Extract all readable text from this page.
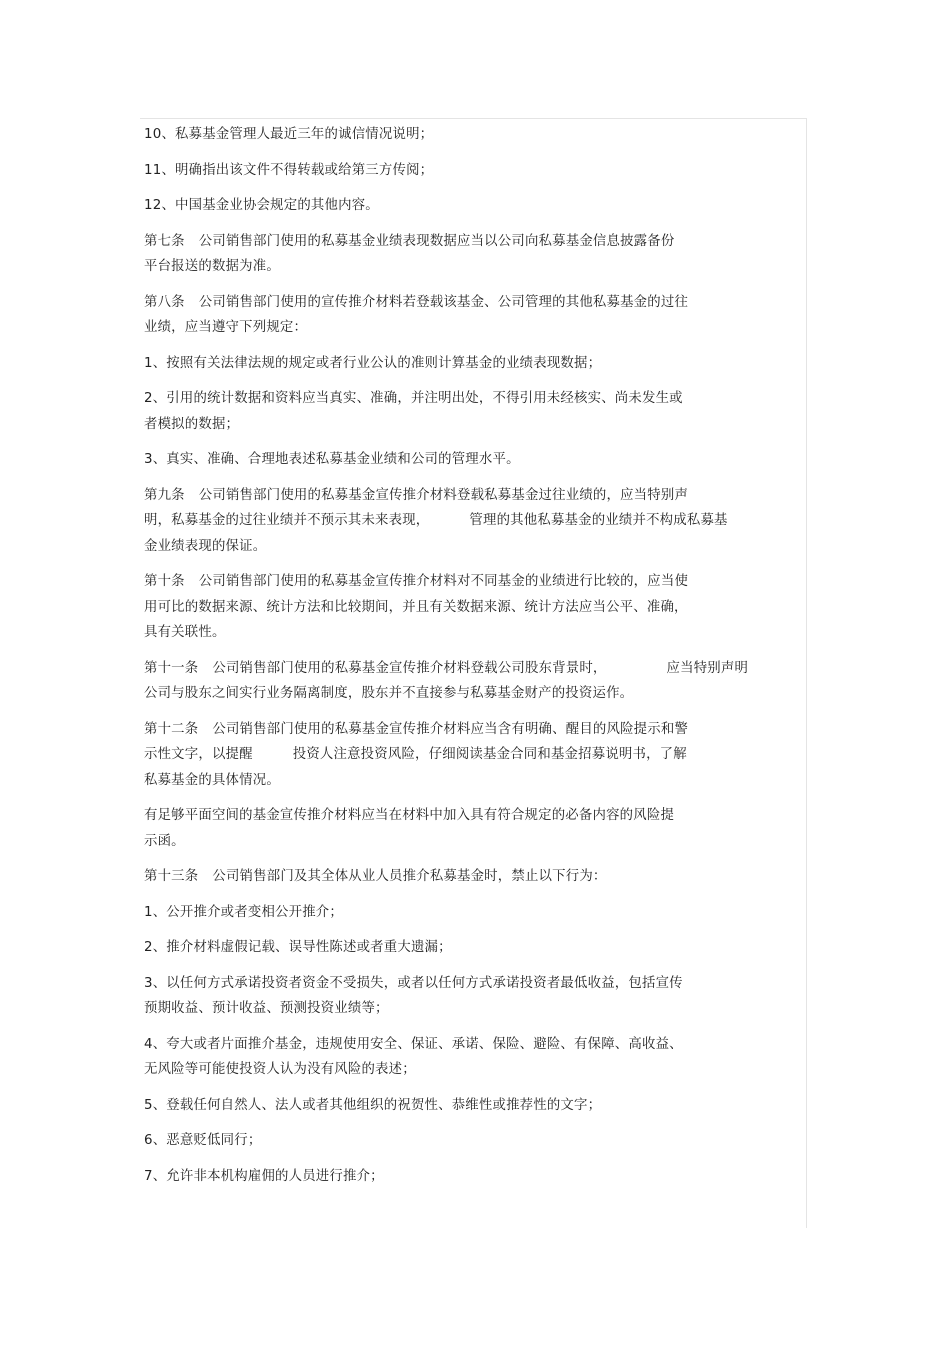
10、私募基金管理人最近三年的诚信情况说明；

11、明确指出该文件不得转载或给第三方传阅；

12、中国基金业协会规定的其他内容。

第七条 公司销售部门使用的私募基金业绩表现数据应当以公司向私募基金信息披露备份
平台报送的数据为准。

第八条 公司销售部门使用的宣传推介材料若登载该基金、公司管理的其他私募基金的过往
业绩，应当遵守下列规定：

1、按照有关法律法规的规定或者行业公认的准则计算基金的业绩表现数据；

2、引用的统计数据和资料应当真实、准确，并注明出处，不得引用未经核实、尚未发生或
者模拟的数据；

3、真实、准确、合理地表述私募基金业绩和公司的管理水平。

第九条 公司销售部门使用的私募基金宣传推介材料登载私募基金过往业绩的，应当特别声
明，私募基金的过往业绩并不预示其未来表现，	管理的其他私募基金的业绩并不构成私募基
金业绩表现的保证。

第十条 公司销售部门使用的私募基金宣传推介材料对不同基金的业绩进行比较的，应当使
用可比的数据来源、统计方法和比较期间，并且有关数据来源、统计方法应当公平、准确，
具有关联性。

第十一条 公司销售部门使用的私募基金宣传推介材料登载公司股东背景时，	应当特别声明
公司与股东之间实行业务隔离制度，股东并不直接参与私募基金财产的投资运作。

第十二条 公司销售部门使用的私募基金宣传推介材料应当含有明确、醒目的风险提示和警
示性文字，以提醒	投资人注意投资风险，仔细阅读基金合同和基金招募说明书，了解
私募基金的具体情况。

有足够平面空间的基金宣传推介材料应当在材料中加入具有符合规定的必备内容的风险提
示函。

第十三条 公司销售部门及其全体从业人员推介私募基金时，禁止以下行为：

1、公开推介或者变相公开推介；

2、推介材料虚假记载、误导性陈述或者重大遗漏；

3、以任何方式承诺投资者资金不受损失，或者以任何方式承诺投资者最低收益，包括宣传
预期收益、预计收益、预测投资业绩等；

4、夸大或者片面推介基金，违规使用安全、保证、承诺、保险、避险、有保障、高收益、
无风险等可能使投资人认为没有风险的表述；

5、登载任何自然人、法人或者其他组织的祝贺性、恭维性或推荐性的文字；

6、恶意贬低同行；

7、允许非本机构雇佣的人员进行推介；
